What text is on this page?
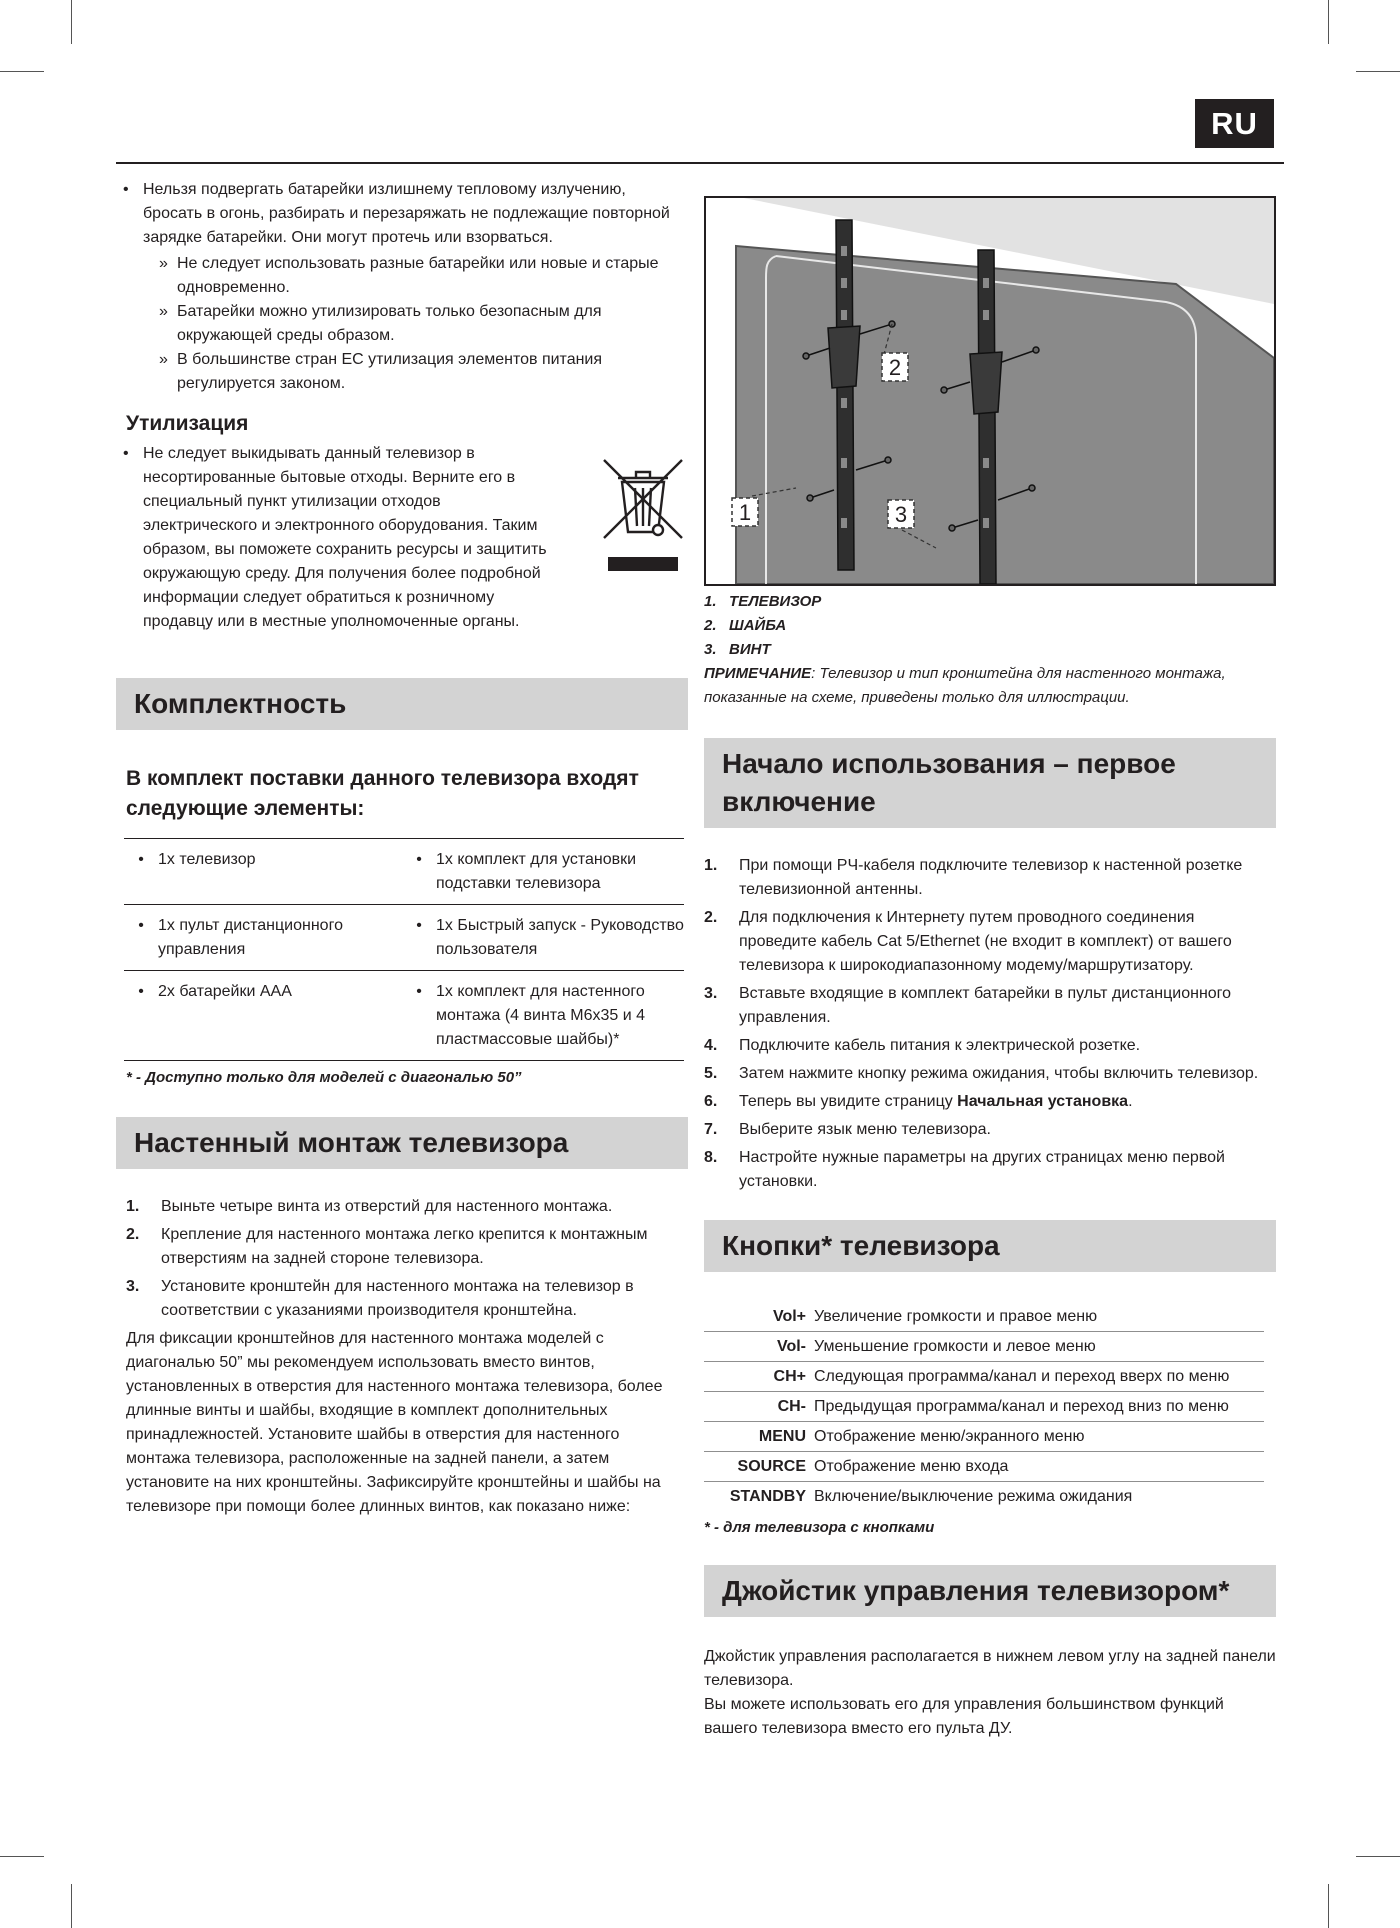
RU
• Нельзя подвергать батарейки излишнему тепловому излучению, бросать в огонь, разбирать и перезаряжать не подлежащие повторной зарядке батарейки. Они могут протечь или взорваться.
» Не следует использовать разные батарейки или новые и старые одновременно.
» Батарейки можно утилизировать только безопасным для окружающей среды образом.
» В большинстве стран ЕС утилизация элементов питания регулируется законом.
Утилизация
• Не следует выкидывать данный телевизор в несортированные бытовые отходы. Верните его в специальный пункт утилизации отходов электрического и электронного оборудования. Таким образом, вы поможете сохранить ресурсы и защитить окружающую среду. Для получения более подробной информации следует обратиться к розничному продавцу или в местные уполномоченные органы.
Комплектность
В комплект поставки данного телевизора входят следующие элементы:
•	1x телевизор	•	1x комплект для установки подставки телевизора
•	1x пульт дистанционного управления	•	1x Быстрый запуск - Руководство пользователя
•	2x батарейки AAA	•	1x комплект для настенного монтажа (4 винта M6x35 и 4 пластмассовые шайбы)*
* - Доступно только для моделей с диагональю 50”
Настенный монтаж телевизора
1. Выньте четыре винта из отверстий для настенного монтажа.
2. Крепление для настенного монтажа легко крепится к монтажным отверстиям на задней стороне телевизора.
3. Установите кронштейн для настенного монтажа на телевизор в соответствии с указаниями производителя кронштейна.

Для фиксации кронштейнов для настенного монтажа моделей с диагональю 50” мы рекомендуем использовать вместо винтов, установленных в отверстия для настенного монтажа телевизора, более длинные винты и шайбы, входящие в комплект дополнительных принадлежностей. Установите шайбы в отверстия для настенного монтажа телевизора, расположенные на задней панели, а затем установите на них кронштейны. Зафиксируйте кронштейны и шайбы на телевизоре при помощи более длинных винтов, как показано ниже:

2
1	3
1. ТЕЛЕВИЗОР
2. ШАЙБА
3. ВИНТ
ПРИМЕЧАНИЕ: Телевизор и тип кронштейна для настенного монтажа, показанные на схеме, приведены только для иллюстрации.
Начало использования – первое включение
1. При помощи РЧ-кабеля подключите телевизор к настенной розетке телевизионной антенны.
2. Для подключения к Интернету путем проводного соединения проведите кабель Cat 5/Ethernet (не входит в комплект) от вашего телевизора к широкодиапазонному модему/маршрутизатору.
3. Вставьте входящие в комплект батарейки в пульт дистанционного управления.
4. Подключите кабель питания к электрической розетке.
5. Затем нажмите кнопку режима ожидания, чтобы включить телевизор.
6. Теперь вы увидите страницу Начальная установка.
7. Выберите язык меню телевизора.
8. Настройте нужные параметры на других страницах меню первой установки.
Кнопки* телевизора
Vol+	Увеличение громкости и правое меню
Vol-	Уменьшение громкости и левое меню
CH+	Следующая программа/канал и переход вверх по меню
CH-	Предыдущая программа/канал и переход вниз по меню
MENU	Отображение меню/экранного меню
SOURCE	Отображение меню входа
STANDBY	Включение/выключение режима ожидания
* - для телевизора с кнопками
Джойстик управления телевизором*

Джойстик управления располагается в нижнем левом углу на задней панели телевизора.

Вы можете использовать его для управления большинством функций вашего телевизора вместо его пульта ДУ.
